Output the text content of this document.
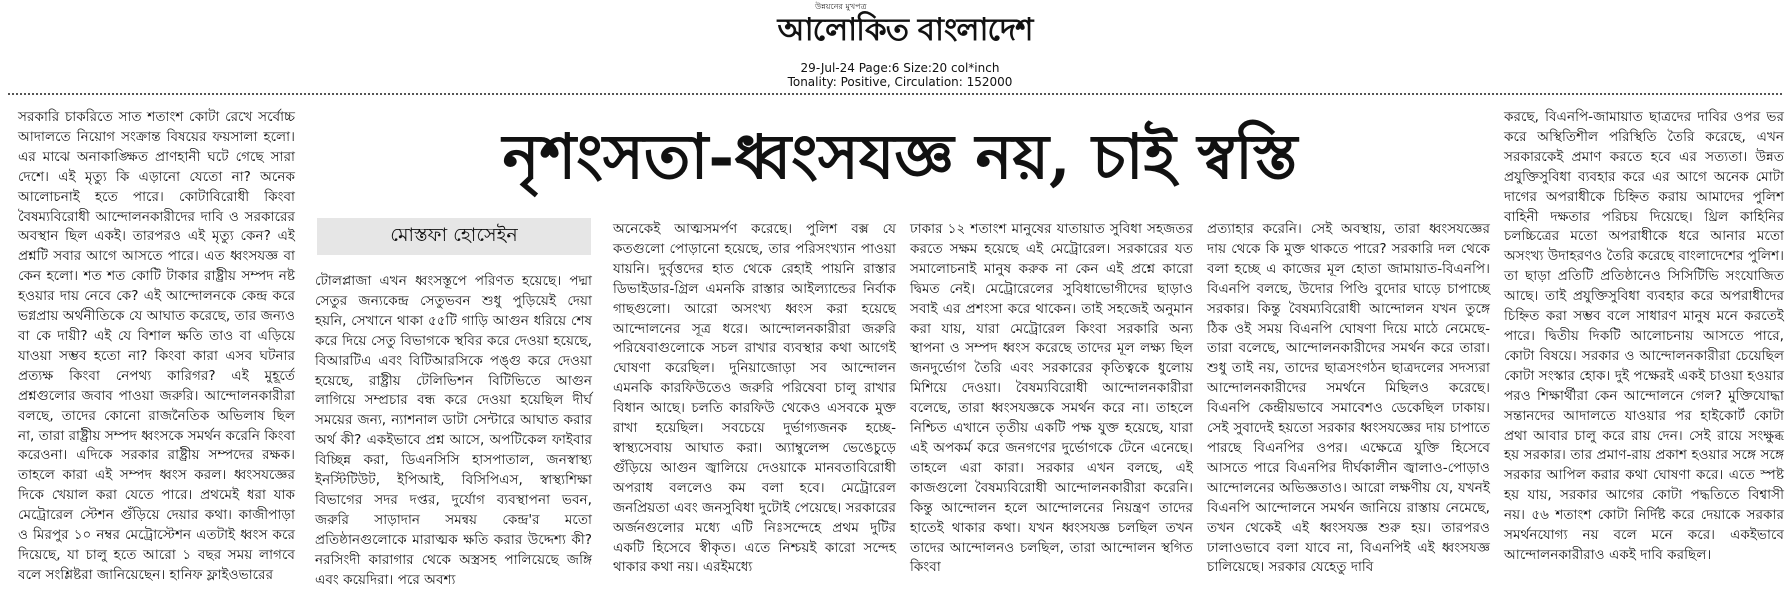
উন্নয়নের মুখপত্র
আলোকিত বাংলাদেশ
29-Jul-24 Page:6 Size:20 col*inch
Tonality: Positive, Circulation: 152000
নৃশংসতা-ধ্বংসযজ্ঞ নয়, চাই স্বস্তি
মোস্তফা হোসেইন

সরকারি চাকরিতে সাত শতাংশ কোটা রেখে সর্বোচ্চ আদালতে নিয়োগ সংক্রান্ত বিষয়ের ফয়সালা হলো। এর মাঝে অনাকাঙ্ক্ষিত প্রাণহানী ঘটে গেছে সারা দেশে। এই মৃত্যু কি এড়ানো যেতো না? অনেক আলোচনাই হতে পারে। কোটাবিরোধী কিংবা বৈষম্যবিরোধী আন্দোলনকারীদের দাবি ও সরকারের অবস্থান ছিল একই। তারপরও এই মৃত্যু কেন? এই প্রশ্নটি সবার আগে আসতে পারে। এত ধ্বংসযজ্ঞ বা কেন হলো। শত শত কোটি টাকার রাষ্ট্রীয় সম্পদ নষ্ট হওয়ার দায় নেবে কে? এই আন্দোলনকে কেন্দ্র করে ভগ্নপ্রায় অর্থনীতিকে যে আঘাত করেছে, তার জন্যও বা কে দায়ী? এই যে বিশাল ক্ষতি তাও বা এড়িয়ে যাওয়া সম্ভব হতো না? কিংবা কারা এসব ঘটনার প্রত্যক্ষ কিংবা নেপথ্য কারিগর? এই মুহূর্তে প্রশ্নগুলোর জবাব পাওয়া জরুরি। আন্দোলনকারীরা বলছে, তাদের কোনো রাজনৈতিক অভিলাষ ছিল না, তারা রাষ্ট্রীয় সম্পদ ধ্বংসকে সমর্থন করেনি কিংবা করেওনা। এদিকে সরকার রাষ্ট্রীয় সম্পদের রক্ষক। তাহলে কারা এই সম্পদ ধ্বংস করল। ধ্বংসযজ্ঞের দিকে খেয়াল করা যেতে পারে। প্রথমেই ধরা যাক মেট্রোরেল স্টেশন গুঁড়িয়ে দেয়ার কথা। কাজীপাড়া ও মিরপুর ১০ নম্বর মেট্রোস্টেশন এতটাই ধ্বংস করে দিয়েছে, যা চালু হতে আরো ১ বছর সময় লাগবে বলে সংশ্লিষ্টরা জানিয়েছেন। হানিফ ফ্লাইওভারের

টোলপ্লাজা এখন ধ্বংসস্তূপে পরিণত হয়েছে। পদ্মা সেতুর জন্যকেন্দ্র সেতুভবন শুধু পুড়িয়েই দেয়া হয়নি, সেখানে থাকা ৫৫টি গাড়ি আগুন ধরিয়ে শেষ করে দিয়ে সেতু বিভাগকে স্থবির করে দেওয়া হয়েছে, বিআরটিএ এবং বিটিআরসিকে পঙ্গু করে দেওয়া হয়েছে, রাষ্ট্রীয় টেলিভিশন বিটিভিতে আগুন লাগিয়ে সম্প্রচার বন্ধ করে দেওয়া হয়েছিল দীর্ঘ সময়ের জন্য, ন্যাশনাল ডাটা সেন্টারে আঘাত করার অর্থ কী? একইভাবে প্রশ্ন আসে, অপটিকেল ফাইবার বিচ্ছিন্ন করা, ডিএনসিসি হাসপাতাল, জনস্বাস্থ্য ইনস্টিটিউট, ইপিআই, বিসিপিএস, স্বাস্থ্যশিক্ষা বিভাগের সদর দপ্তর, দুর্যোগ ব্যবস্থাপনা ভবন, জরুরি সাড়াদান সমন্বয় কেন্দ্র'র মতো প্রতিষ্ঠানগুলোকে মারাত্মক ক্ষতি করার উদ্দেশ্য কী? নরসিংদী কারাগার থেকে অস্ত্রসহ পালিয়েছে জঙ্গি এবং কয়েদিরা। পরে অবশ্য

অনেকেই আত্মসমর্পণ করেছে। পুলিশ বক্স যে কতগুলো পোড়ানো হয়েছে, তার পরিসংখ্যান পাওয়া যায়নি। দুর্বৃত্তদের হাত থেকে রেহাই পায়নি রাস্তার ডিভাইডার-গ্রিল এমনকি রাস্তার আইল্যান্ডের নির্বাক গাছগুলো। আরো অসংখ্য ধ্বংস করা হয়েছে আন্দোলনের সূত্র ধরে। আন্দোলনকারীরা জরুরি পরিষেবাগুলোকে সচল রাখার ব্যবস্থার কথা আগেই ঘোষণা করেছিল। দুনিয়াজোড়া সব আন্দোলন এমনকি কারফিউতেও জরুরি পরিষেবা চালু রাখার বিধান আছে। চলতি কারফিউ থেকেও এসবকে মুক্ত রাখা হয়েছিল। সবচেয়ে দুর্ভাগ্যজনক হচ্ছে- স্বাস্থ্যসেবায় আঘাত করা। অ্যাম্বুলেন্স ভেঙেচুড়ে গুঁড়িয়ে আগুন জ্বালিয়ে দেওয়াকে মানবতাবিরোধী অপরাধ বললেও কম বলা হবে। মেট্রোরেল জনপ্রিয়তা এবং জনসুবিধা দুটোই পেয়েছে। সরকারের অর্জনগুলোর মধ্যে এটি নিঃসন্দেহে প্রথম দুটির একটি হিসেবে স্বীকৃত। এতে নিশ্চয়ই কারো সন্দেহ থাকার কথা নয়। এরইমধ্যে

ঢাকার ১২ শতাংশ মানুষের যাতায়াত সুবিধা সহজতর করতে সক্ষম হয়েছে এই মেট্রোরেল। সরকারের যত সমালোচনাই মানুষ করুক না কেন এই প্রশ্নে কারো দ্বিমত নেই। মেট্রোরেলের সুবিধাভোগীদের ছাড়াও সবাই এর প্রশংসা করে থাকেন। তাই সহজেই অনুমান করা যায়, যারা মেট্রোরেল কিংবা সরকারি অন্য স্থাপনা ও সম্পদ ধ্বংস করেছে তাদের মূল লক্ষ্য ছিল জনদুর্ভোগ তৈরি এবং সরকারের কৃতিত্বকে ধুলোয় মিশিয়ে দেওয়া। বৈষম্যবিরোধী আন্দোলনকারীরা বলেছে, তারা ধ্বংসযজ্ঞকে সমর্থন করে না। তাহলে নিশ্চিত এখানে তৃতীয় একটি পক্ষ যুক্ত হয়েছে, যারা এই অপকর্ম করে জনগণের দুর্ভোগকে টেনে এনেছে। তাহলে এরা কারা। সরকার এখন বলছে, এই কাজগুলো বৈষম্যবিরোধী আন্দোলনকারীরা করেনি। কিন্তু আন্দোলন হলে আন্দোলনের নিয়ন্ত্রণ তাদের হাতেই থাকার কথা। যখন ধ্বংসযজ্ঞ চলছিল তখন তাদের আন্দোলনও চলছিল, তারা আন্দোলন স্থগিত কিংবা

প্রত্যাহার করেনি। সেই অবস্থায়, তারা ধ্বংসযজ্ঞের দায় থেকে কি মুক্ত থাকতে পারে? সরকারি দল থেকে বলা হচ্ছে এ কাজের মূল হোতা জামায়াত-বিএনপি। বিএনপি বলছে, উদোর পিণ্ডি বুদোর ঘাড়ে চাপাচ্ছে সরকার। কিন্তু বৈষম্যবিরোধী আন্দোলন যখন তুঙ্গে ঠিক ওই সময় বিএনপি ঘোষণা দিয়ে মাঠে নেমেছে- তারা বলেছে, আন্দোলনকারীদের সমর্থন করে তারা। শুধু তাই নয়, তাদের ছাত্রসংগঠন ছাত্রদলের সদস্যরা আন্দোলনকারীদের সমর্থনে মিছিলও করেছে। বিএনপি কেন্দ্রীয়ভাবে সমাবেশও ডেকেছিল ঢাকায়। সেই সুবাদেই হয়তো সরকার ধ্বংসযজ্ঞের দায় চাপাতে পারছে বিএনপির ওপর। এক্ষেত্রে যুক্তি হিসেবে আসতে পারে বিএনপির দীর্ঘকালীন জ্বালাও-পোড়াও আন্দোলনের অভিজ্ঞতাও। আরো লক্ষণীয় যে, যখনই বিএনপি আন্দোলনে সমর্থন জানিয়ে রাস্তায় নেমেছে, তখন থেকেই এই ধ্বংসযজ্ঞ শুরু হয়। তারপরও ঢালাওভাবে বলা যাবে না, বিএনপিই এই ধ্বংসযজ্ঞ চালিয়েছে। সরকার যেহেতু দাবি

করছে, বিএনপি-জামায়াত ছাত্রদের দাবির ওপর ভর করে অস্থিতিশীল পরিস্থিতি তৈরি করেছে, এখন সরকারকেই প্রমাণ করতে হবে এর সত্যতা। উন্নত প্রযুক্তিসুবিধা ব্যবহার করে এর আগে অনেক মোটা দাগের অপরাধীকে চিহ্নিত করায় আমাদের পুলিশ বাহিনী দক্ষতার পরিচয় দিয়েছে। থ্রিল কাহিনির চলচ্চিত্রের মতো অপরাধীকে ধরে আনার মতো অসংখ্য উদাহরণও তৈরি করেছে বাংলাদেশের পুলিশ। তা ছাড়া প্রতিটি প্রতিষ্ঠানেও সিসিটিভি সংযোজিত আছে। তাই প্রযুক্তিসুবিধা ব্যবহার করে অপরাধীদের চিহ্নিত করা সম্ভব বলে সাধারণ মানুষ মনে করতেই পারে। দ্বিতীয় দিকটি আলোচনায় আসতে পারে, কোটা বিষয়ে। সরকার ও আন্দোলনকারীরা চেয়েছিল কোটা সংস্কার হোক। দুই পক্ষেরই একই চাওয়া হওয়ার পরও শিক্ষার্থীরা কেন আন্দোলনে গেল? মুক্তিযোদ্ধা সন্তানদের আদালতে যাওয়ার পর হাইকোর্ট কোটা প্রথা আবার চালু করে রায় দেন। সেই রায়ে সংক্ষুব্ধ হয় সরকার। তার প্রমাণ-রায় প্রকাশ হওয়ার সঙ্গে সঙ্গে সরকার আপিল করার কথা ঘোষণা করে। এতে স্পষ্ট হয় যায়, সরকার আগের কোটা পদ্ধতিতে বিশ্বাসী নয়। ৫৬ শতাংশ কোটা নির্দিষ্ট করে দেয়াকে সরকার সমর্থনযোগ্য নয় বলে মনে করে। একইভাবে আন্দোলনকারীরাও একই দাবি করছিল।
